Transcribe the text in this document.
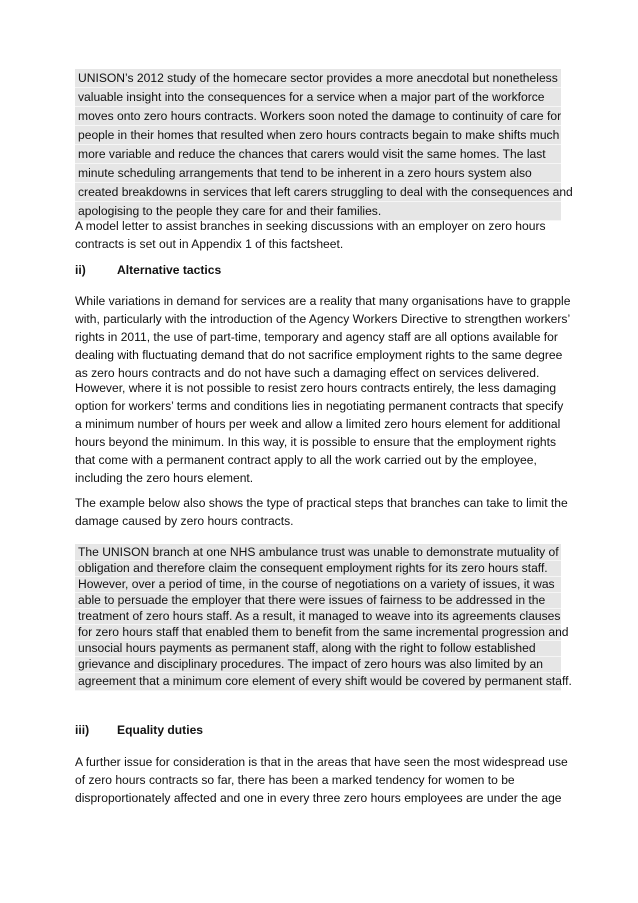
UNISON’s 2012 study of the homecare sector provides a more anecdotal but nonetheless
valuable insight into the consequences for a service when a major part of the workforce
moves onto zero hours contracts. Workers soon noted the damage to continuity of care for
people in their homes that resulted when zero hours contracts begain to make shifts much
more variable and reduce the chances that carers would visit the same homes. The last
minute scheduling arrangements that tend to be inherent in a zero hours system also
created breakdowns in services that left carers struggling to deal with the consequences and
apologising to the people they care for and their families.
A model letter to assist branches in seeking discussions with an employer on zero hours
contracts is set out in Appendix 1 of this factsheet.
ii)	Alternative tactics
While variations in demand for services are a reality that many organisations have to grapple
with, particularly with the introduction of the Agency Workers Directive to strengthen workers’
rights in 2011, the use of part-time, temporary and agency staff are all options available for
dealing with fluctuating demand that do not sacrifice employment rights to the same degree
as zero hours contracts and do not have such a damaging effect on services delivered.
However, where it is not possible to resist zero hours contracts entirely, the less damaging
option for workers’ terms and conditions lies in negotiating permanent contracts that specify
a minimum number of hours per week and allow a limited zero hours element for additional
hours beyond the minimum. In this way, it is possible to ensure that the employment rights
that come with a permanent contract apply to all the work carried out by the employee,
including the zero hours element.
The example below also shows the type of practical steps that branches can take to limit the
damage caused by zero hours contracts.
The UNISON branch at one NHS ambulance trust was unable to demonstrate mutuality of
obligation and therefore claim the consequent employment rights for its zero hours staff.
However, over a period of time, in the course of negotiations on a variety of issues, it was
able to persuade the employer that there were issues of fairness to be addressed in the
treatment of zero hours staff. As a result, it managed to weave into its agreements clauses
for zero hours staff that enabled them to benefit from the same incremental progression and
unsocial hours payments as permanent staff, along with the right to follow established
grievance and disciplinary procedures. The impact of zero hours was also limited by an
agreement that a minimum core element of every shift would be covered by permanent staff.
iii) Equality duties
A further issue for consideration is that in the areas that have seen the most widespread use
of zero hours contracts so far, there has been a marked tendency for women to be
disproportionately affected and one in every three zero hours employees are under the age
